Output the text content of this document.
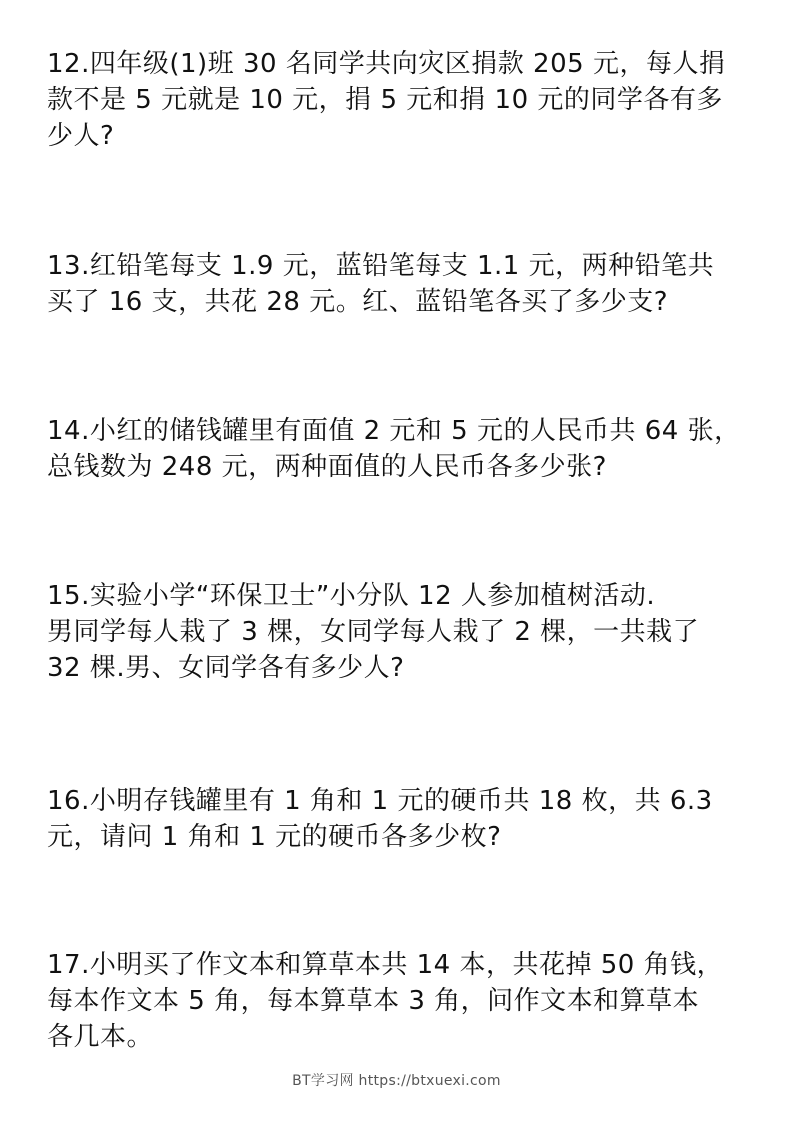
12.四年级(1)班 30 名同学共向灾区捐款 205 元，每人捐
款不是 5 元就是 10 元，捐 5 元和捐 10 元的同学各有多
少人?
13.红铅笔每支 1.9 元，蓝铅笔每支 1.1 元，两种铅笔共
买了 16 支，共花 28 元。红、蓝铅笔各买了多少支?
14.小红的储钱罐里有面值 2 元和 5 元的人民币共 64 张，
总钱数为 248 元，两种面值的人民币各多少张?
15.实验小学“环保卫士”小分队 12 人参加植树活动.
男同学每人栽了 3 棵，女同学每人栽了 2 棵，一共栽了
32 棵.男、女同学各有多少人?
16.小明存钱罐里有 1 角和 1 元的硬币共 18 枚，共 6.3
元，请问 1 角和 1 元的硬币各多少枚?
17.小明买了作文本和算草本共 14 本，共花掉 50 角钱，
每本作文本 5 角，每本算草本 3 角，问作文本和算草本
各几本。
BT学习网 https://btxuexi.com
